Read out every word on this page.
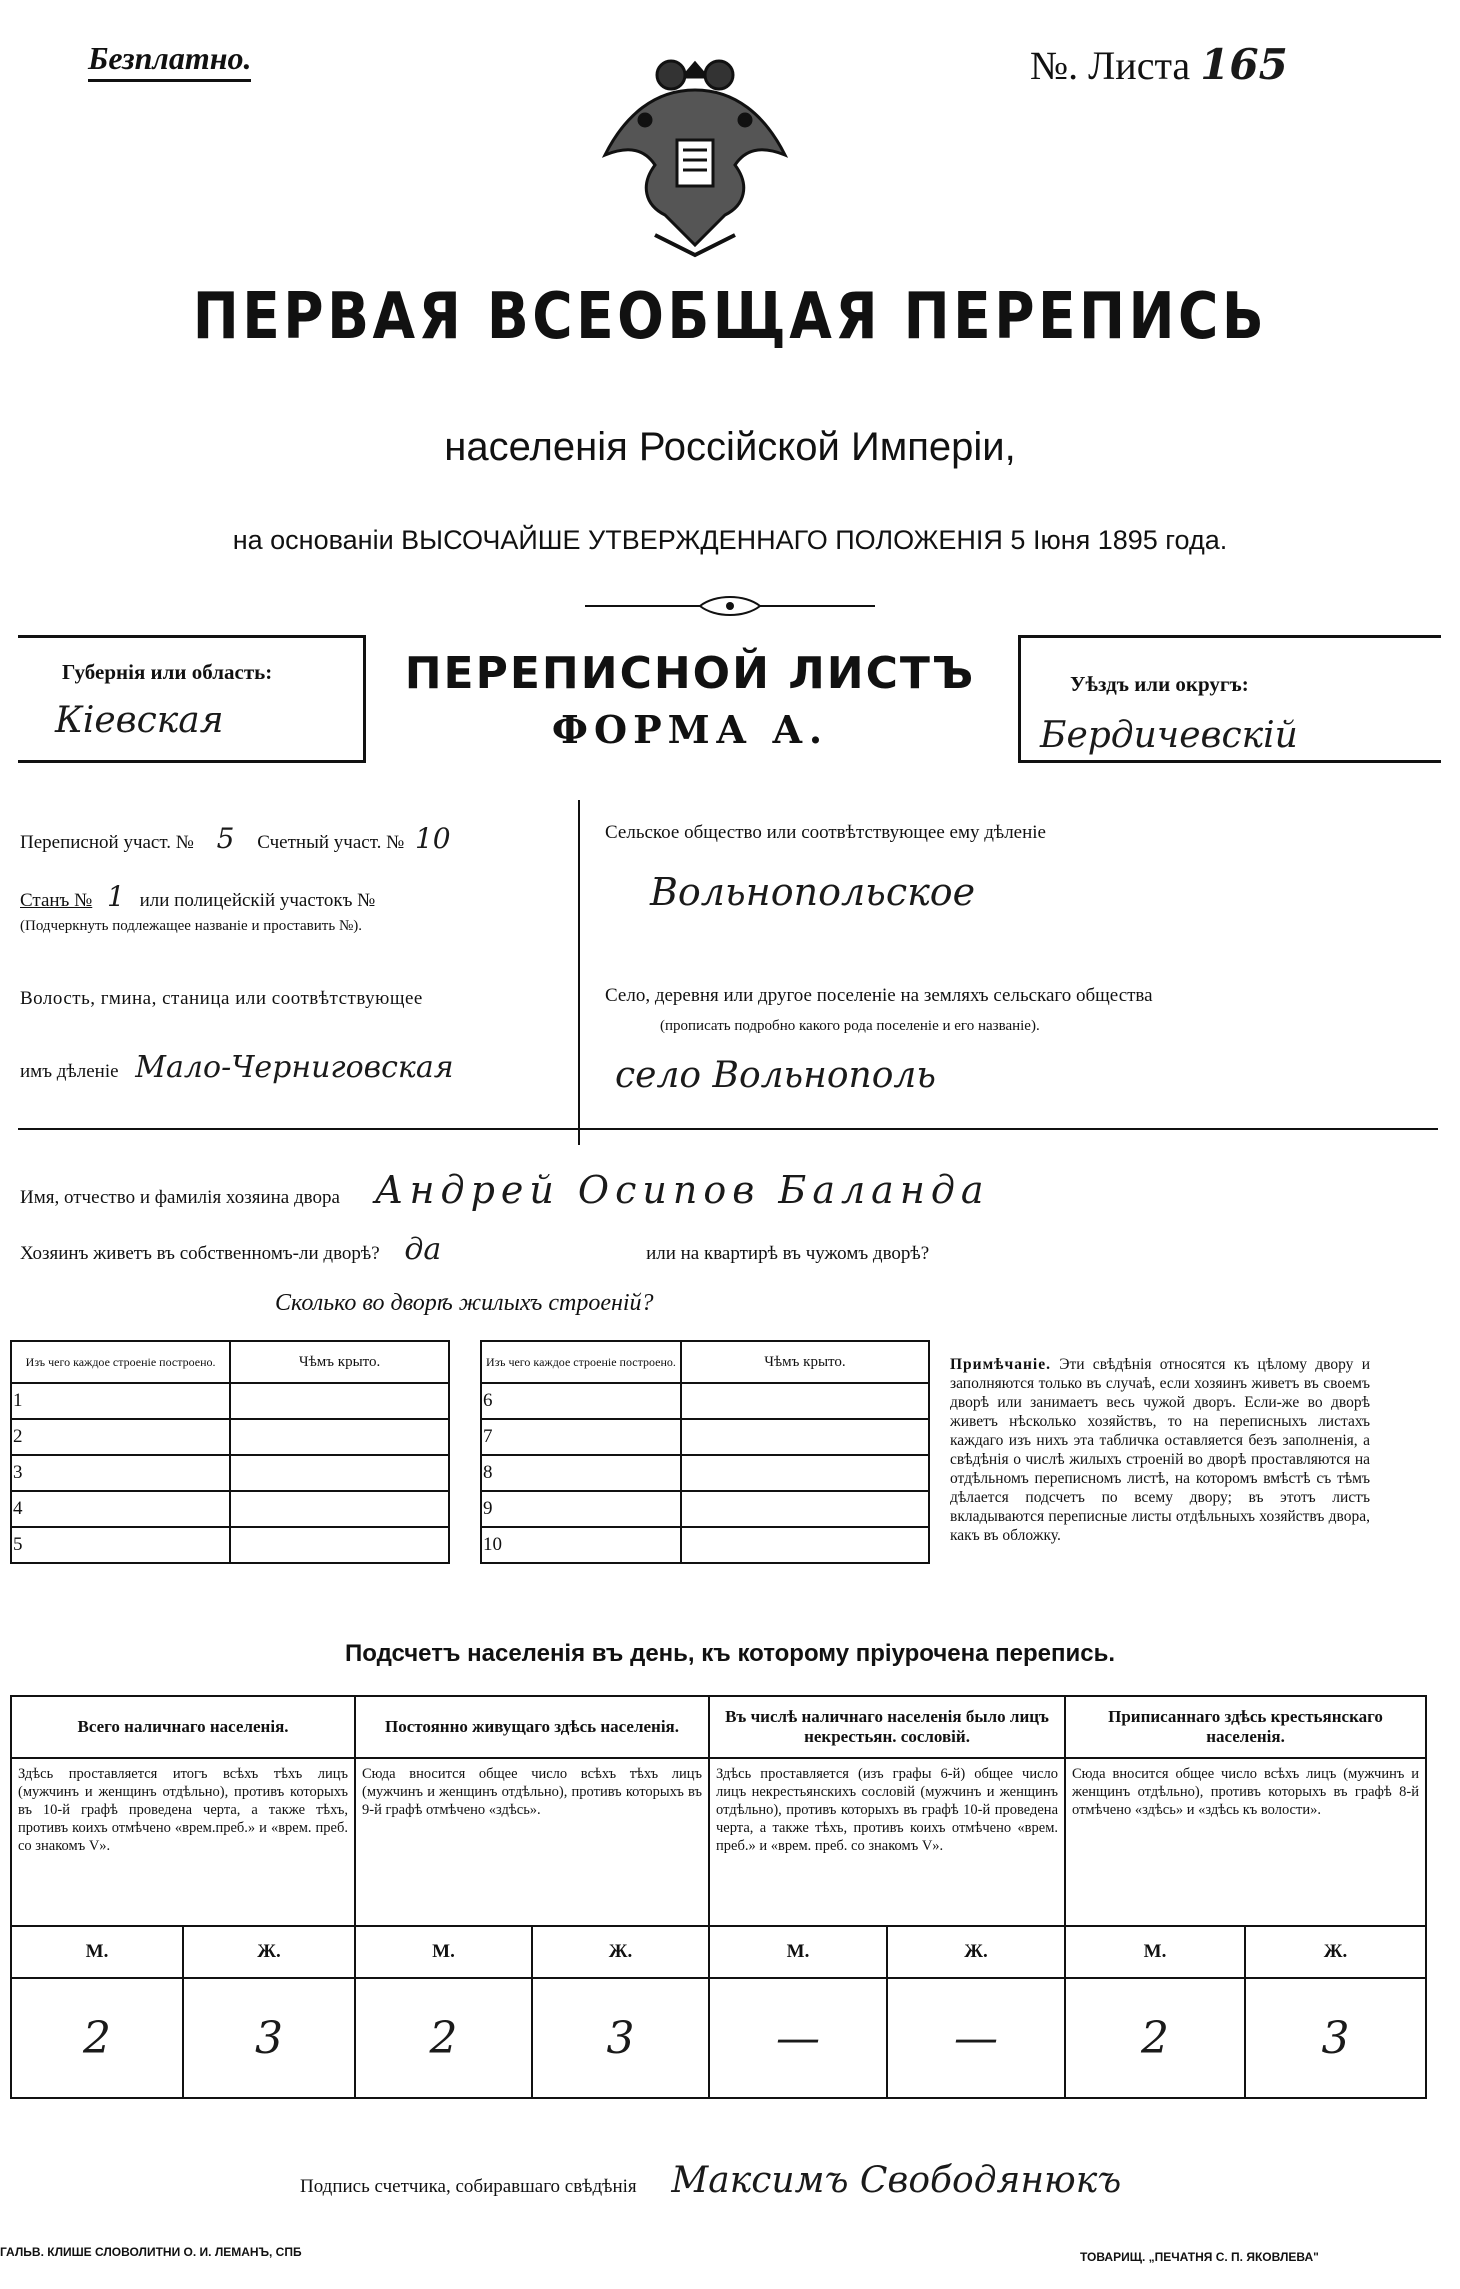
Безплатно.	№. Листа 165
ПЕРВАЯ ВСЕОБЩАЯ ПЕРЕПИСЬ
населенія Россійской Имперіи,
на основаніи ВЫСОЧАЙШЕ УТВЕРЖДЕННАГО ПОЛОЖЕНІЯ 5 Іюня 1895 года.
Губернія или область:
Кіевская
ПЕРЕПИСНОЙ ЛИСТЪ
ФОРМА А.
Уѣздъ или округъ:
Бердичевскій
Переписной участ. № 5 Счетный участ. № 10
Станъ № 1 или полицейскій участокъ №
(Подчеркнуть подлежащее названіе и проставить №).
Волость, гмина, станица или соотвѣтствующее
имъ дѣленіе Мало-Черниговская
Сельское общество или соотвѣтствующее ему дѣленіе
Вольнопольское
Село, деревня или другое поселеніе на земляхъ сельскаго общества
(прописать подробно какого рода поселеніе и его названіе).
село Вольнополь
Имя, отчество и фамилія хозяина двора Андрей Осипов Баланда
Хозяинъ живетъ въ собственномъ-ли дворѣ? да	или на квартирѣ въ чужомъ дворѣ?
Сколько во дворѣ жилыхъ строеній?
Изъ чего каждое строеніе построено.	Чѣмъ крыто.
1	
2	
3	
4	
5	
Изъ чего каждое строеніе построено.	Чѣмъ крыто.
6	
7	
8	
9	
10	
Примѣчаніе. Эти свѣдѣнія относятся къ цѣлому двору и заполняются только въ случаѣ, если хозяинъ живетъ въ своемъ дворѣ или занимаетъ весь чужой дворъ. Если-же во дворѣ живетъ нѣсколько хозяйствъ, то на переписныхъ листахъ каждаго изъ нихъ эта табличка оставляется безъ заполненія, а свѣдѣнія о числѣ жилыхъ строеній во дворѣ проставляются на отдѣльномъ переписномъ листѣ, на которомъ вмѣстѣ съ тѣмъ дѣлается подсчетъ по всему двору; въ этотъ листъ вкладываются переписные листы отдѣльныхъ хозяйствъ двора, какъ въ обложку.
Подсчетъ населенія въ день, къ которому пріурочена перепись.
Всего наличнаго населенія.		Постоянно живущаго здѣсь населенія.		Въ числѣ наличнаго населенія было лицъ некрестьян. сословій.		Приписаннаго здѣсь крестьянскаго населенія.	
Здѣсь проставляется итогъ всѣхъ тѣхъ лицъ (мужчинъ и женщинъ отдѣльно), противъ которыхъ въ 10-й графѣ проведена черта, а также тѣхъ, противъ коихъ отмѣчено «врем.преб.» и «врем. преб. со знакомъ V».		Сюда вносится общее число всѣхъ тѣхъ лицъ (мужчинъ и женщинъ отдѣльно), противъ которыхъ въ 9-й графѣ отмѣчено «здѣсь».		Здѣсь проставляется (изъ графы 6-й) общее число лицъ некрестьянскихъ сословій (мужчинъ и женщинъ отдѣльно), противъ которыхъ въ графѣ 10-й проведена черта, а также тѣхъ, противъ коихъ отмѣчено «врем. преб.» и «врем. преб. со знакомъ V».		Сюда вносится общее число всѣхъ лицъ (мужчинъ и женщинъ отдѣльно), противъ которыхъ въ графѣ 8-й отмѣчено «здѣсь» и «здѣсь къ волости».	
М.	Ж.	М.	Ж.	М.	Ж.	М.	Ж.
2	3	2	3	—	—	2	3
Подпись счетчика, собиравшаго свѣдѣнія Максимъ Свободянюкъ
ГАЛЬВ. КЛИШЕ СЛОВОЛИТНИ О. И. ЛЕМАНЪ, СПБ	ТОВАРИЩ. „ПЕЧАТНЯ С. П. ЯКОВЛЕВА"
